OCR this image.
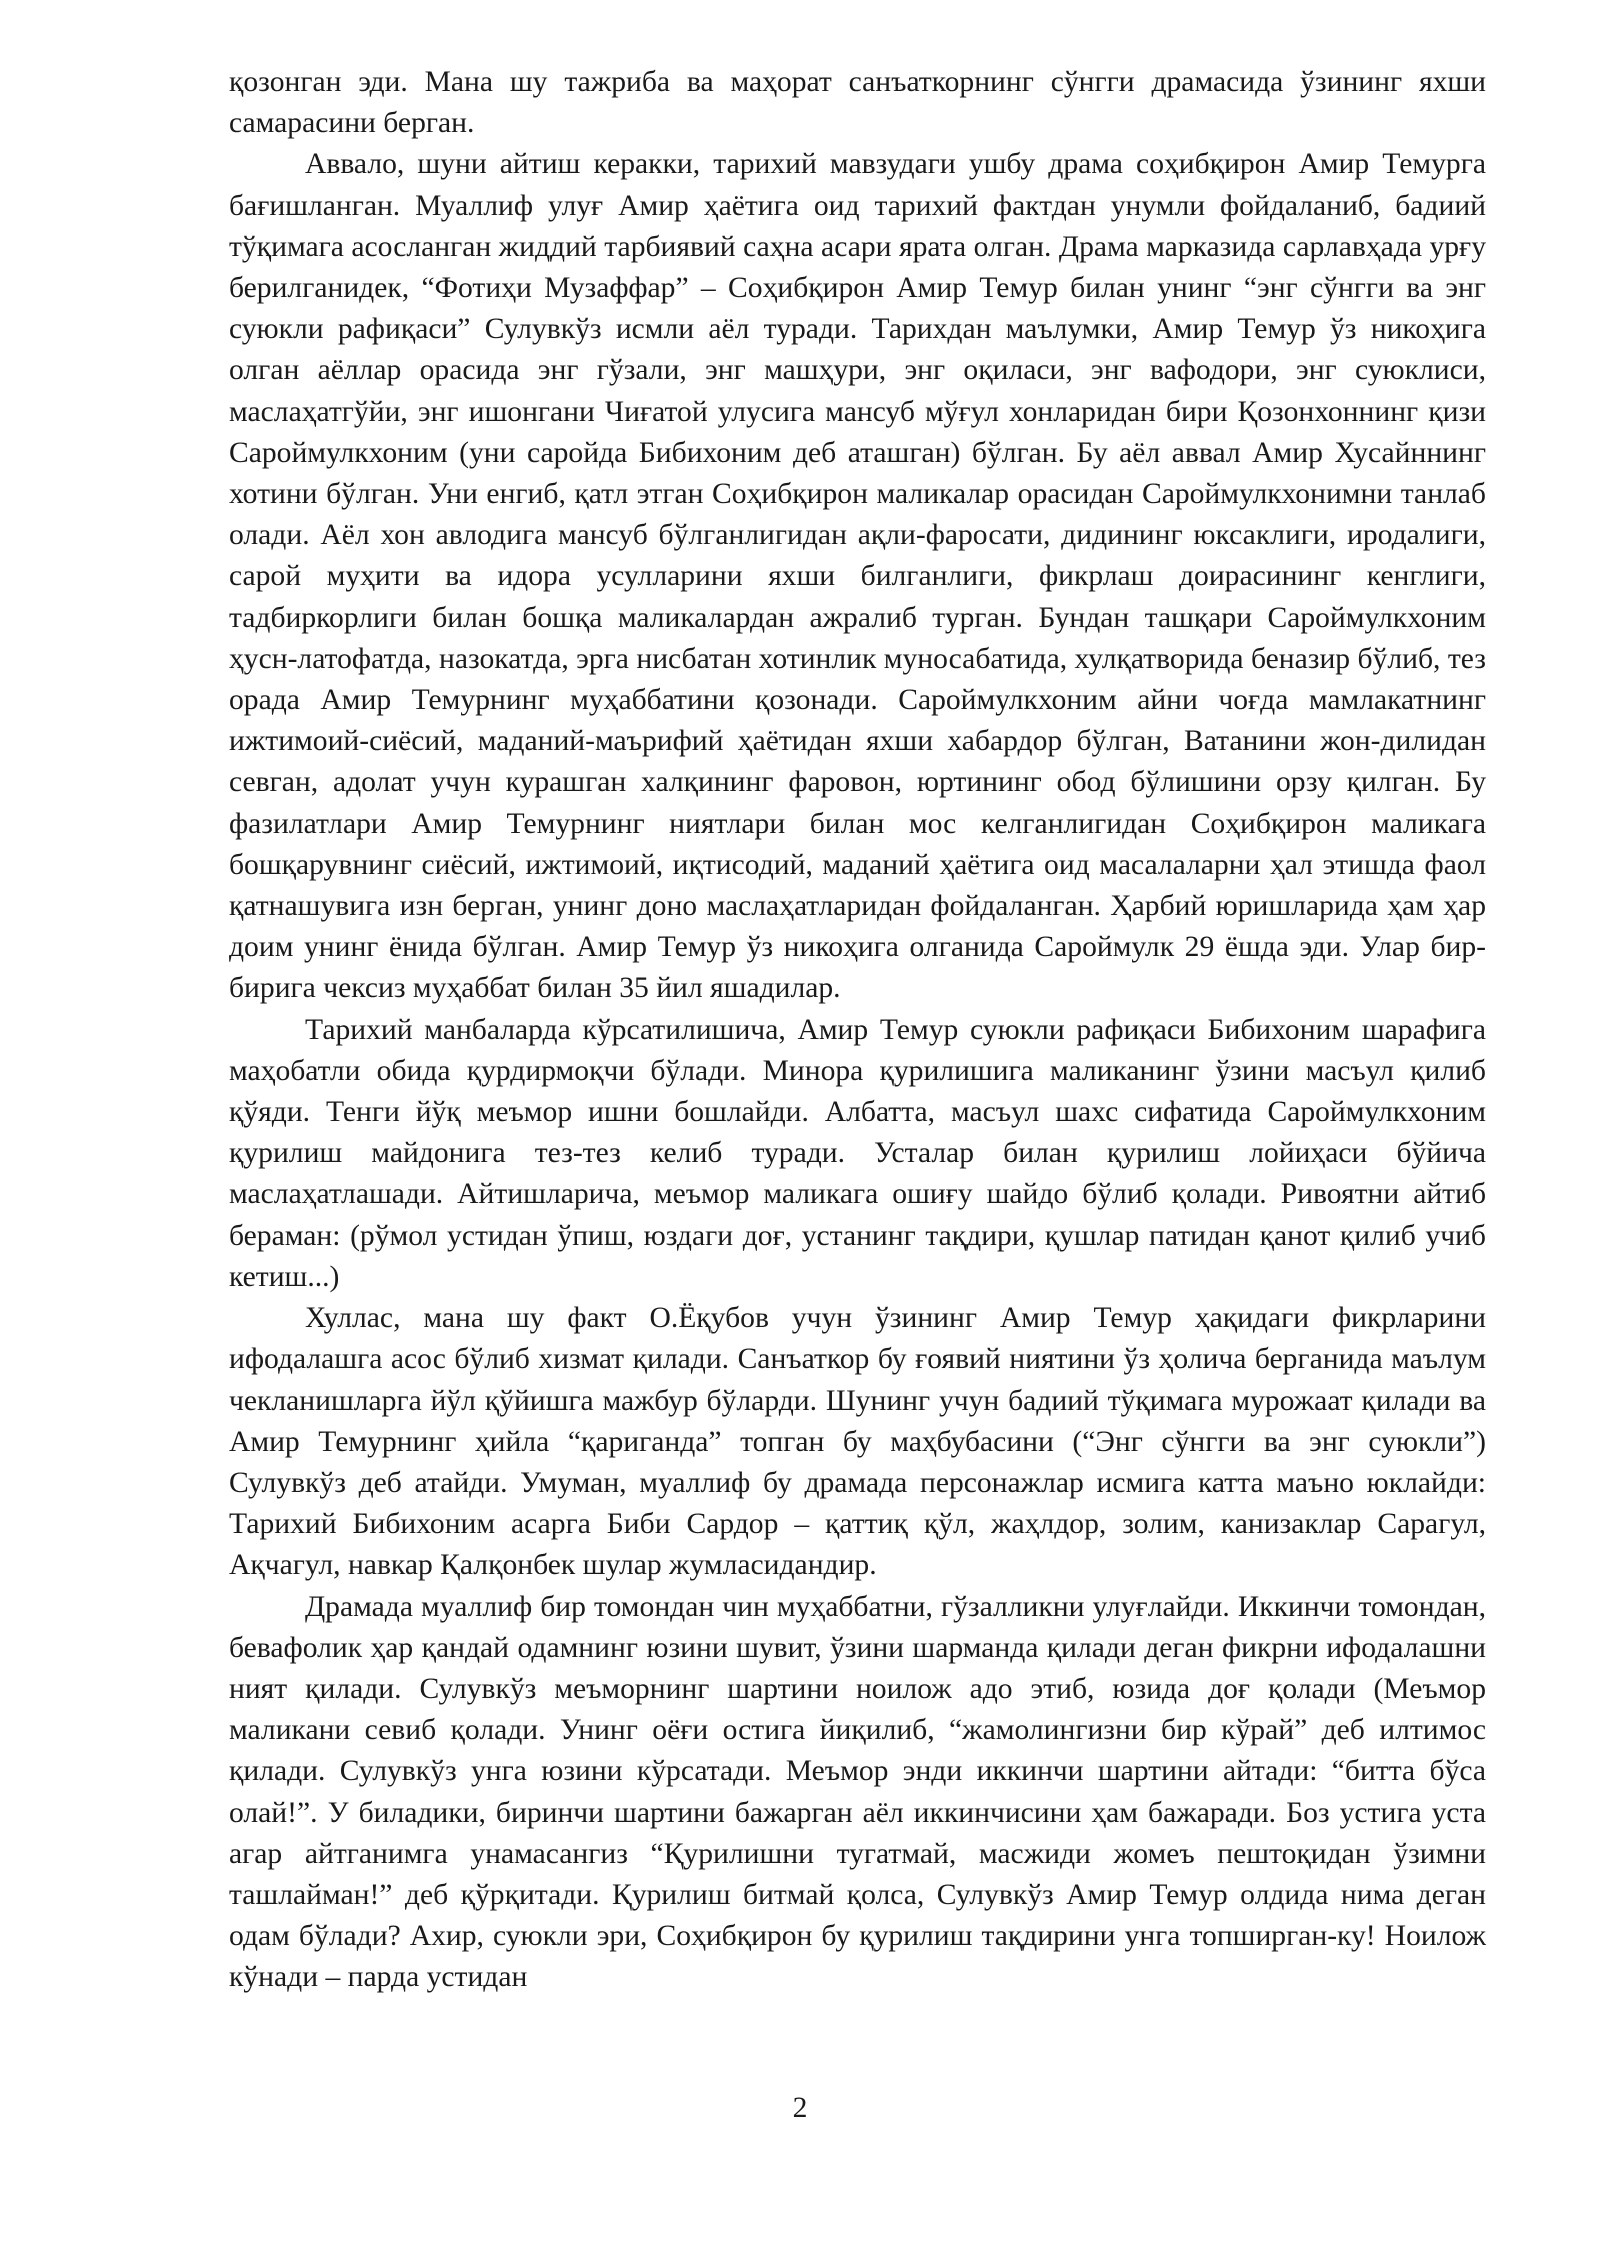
қозонган эди. Мана шу тажриба ва маҳорат санъаткорнинг сўнгги драмасида ўзининг яхши самарасини берган.

Аввало, шуни айтиш керакки, тарихий мавзудаги ушбу драма соҳибқирон Амир Темурга бағишланган. Муаллиф улуғ Амир ҳаётига оид тарихий фактдан унумли фойдаланиб, бадиий тўқимага асосланган жиддий тарбиявий саҳна асари ярата олган. Драма марказида сарлавҳада урғу берилганидек, “Фотиҳи Музаффар” – Соҳибқирон Амир Темур билан унинг “энг сўнгги ва энг суюкли рафиқаси” Сулувкўз исмли аёл туради. Тарихдан маълумки, Амир Темур ўз никоҳига олган аёллар орасида энг гўзали, энг машҳури, энг оқиласи, энг вафодори, энг суюклиси, маслаҳатгўйи, энг ишонгани Чиғатой улусига мансуб мўғул хонларидан бири Қозонхоннинг қизи Сароймулкхоним (уни саройда Бибихоним деб аташган) бўлган. Бу аёл аввал Амир Хусайннинг хотини бўлган. Уни енгиб, қатл этган Соҳибқирон маликалар орасидан Сароймулкхонимни танлаб олади. Аёл хон авлодига мансуб бўлганлигидан ақли-фаросати, дидининг юксаклиги, иродалиги, сарой муҳити ва идора усулларини яхши билганлиги, фикрлаш доирасининг кенглиги, тадбиркорлиги билан бошқа маликалардан ажралиб турган. Бундан ташқари Сароймулкхоним ҳусн-латофатда, назокатда, эрга нисбатан хотинлик муносабатида, хулқатворида беназир бўлиб, тез орада Амир Темурнинг муҳаббатини қозонади. Сароймулкхоним айни чоғда мамлакатнинг ижтимоий-сиёсий, маданий-маърифий ҳаётидан яхши хабардор бўлган, Ватанини жон-дилидан севган, адолат учун курашган халқининг фаровон, юртининг обод бўлишини орзу қилган. Бу фазилатлари Амир Темурнинг ниятлари билан мос келганлигидан Соҳибқирон маликага бошқарувнинг сиёсий, ижтимоий, иқтисодий, маданий ҳаётига оид масалаларни ҳал этишда фаол қатнашувига изн берган, унинг доно маслаҳатларидан фойдаланган. Ҳарбий юришларида ҳам ҳар доим унинг ёнида бўлган. Амир Темур ўз никоҳига олганида Сароймулк 29 ёшда эди. Улар бир-бирига чексиз муҳаббат билан 35 йил яшадилар.

Тарихий манбаларда кўрсатилишича, Амир Темур суюкли рафиқаси Бибихоним шарафига маҳобатли обида қурдирмоқчи бўлади. Минора қурилишига маликанинг ўзини масъул қилиб қўяди. Тенги йўқ меъмор ишни бошлайди. Албатта, масъул шахс сифатида Сароймулкхоним қурилиш майдонига тез-тез келиб туради. Усталар билан қурилиш лойиҳаси бўйича маслаҳатлашади. Айтишларича, меъмор маликага ошиғу шайдо бўлиб қолади. Ривоятни айтиб бераман: (рўмол устидан ўпиш, юздаги доғ, устанинг тақдири, қушлар патидан қанот қилиб учиб кетиш...)

Хуллас, мана шу факт О.Ёқубов учун ўзининг Амир Темур ҳақидаги фикрларини ифодалашга асос бўлиб хизмат қилади. Санъаткор бу ғоявий ниятини ўз ҳолича берганида маълум чекланишларга йўл қўйишга мажбур бўларди. Шунинг учун бадиий тўқимага мурожаат қилади ва Амир Темурнинг ҳийла “қариганда” топган бу маҳбубасини (“Энг сўнгги ва энг суюкли”) Сулувкўз деб атайди. Умуман, муаллиф бу драмада персонажлар исмига катта маъно юклайди: Тарихий Бибихоним асарга Биби Сардор – қаттиқ қўл, жаҳлдор, золим, канизаклар Сарагул, Ақчагул, навкар Қалқонбек шулар жумласидандир.

Драмада муаллиф бир томондан чин муҳаббатни, гўзалликни улуғлайди. Иккинчи томондан, бевафолик ҳар қандай одамнинг юзини шувит, ўзини шарманда қилади деган фикрни ифодалашни ният қилади. Сулувкўз меъморнинг шартини ноилож адо этиб, юзида доғ қолади (Меъмор маликани севиб қолади. Унинг оёғи остига йиқилиб, “жамолингизни бир кўрай” деб илтимос қилади. Сулувкўз унга юзини кўрсатади. Меъмор энди иккинчи шартини айтади: “битта бўса олай!”. У биладики, биринчи шартини бажарган аёл иккинчисини ҳам бажаради. Боз устига уста агар айтганимга унамасангиз “Қурилишни тугатмай, масжиди жомеъ пештоқидан ўзимни ташлайман!” деб қўрқитади. Қурилиш битмай қолса, Сулувкўз Амир Темур олдида нима деган одам бўлади? Ахир, суюкли эри, Соҳибқирон бу қурилиш тақдирини унга топширган-ку! Ноилож кўнади – парда устидан

2
